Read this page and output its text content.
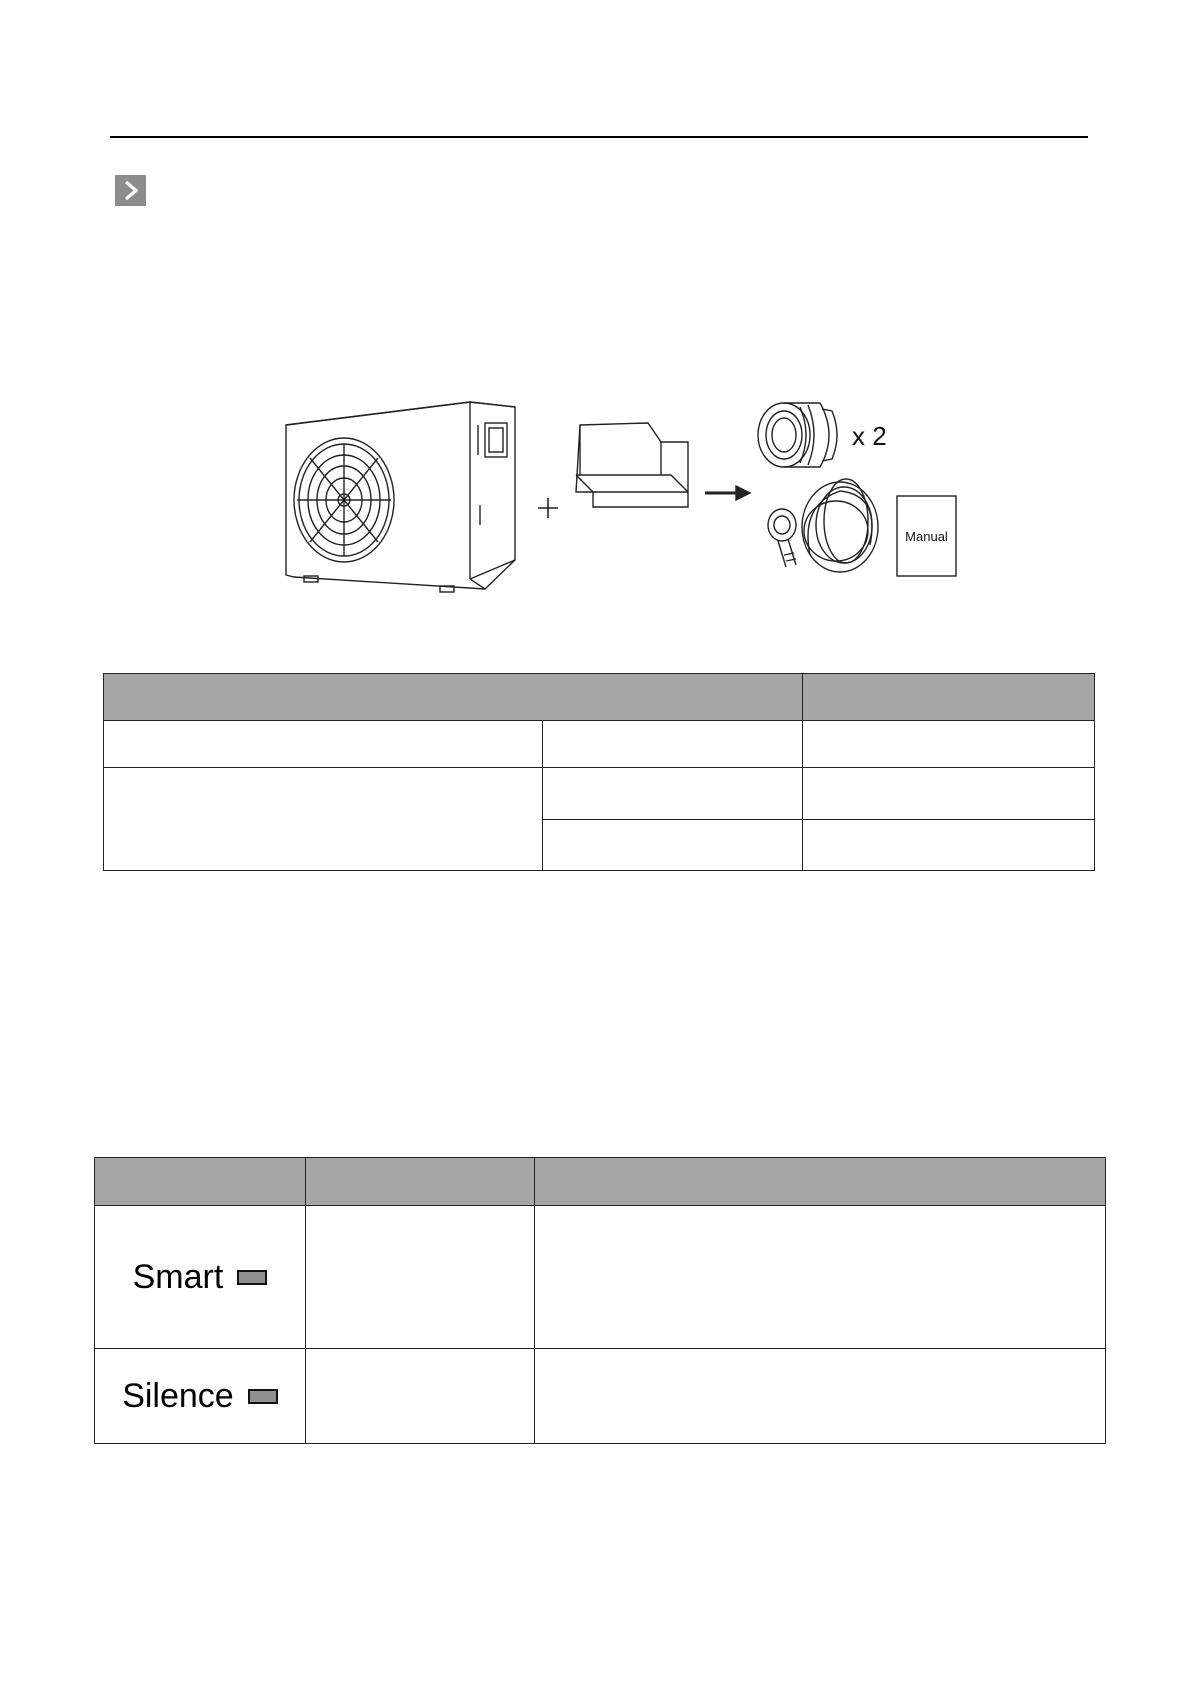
x 2
Manual

Smart		

Silence		
